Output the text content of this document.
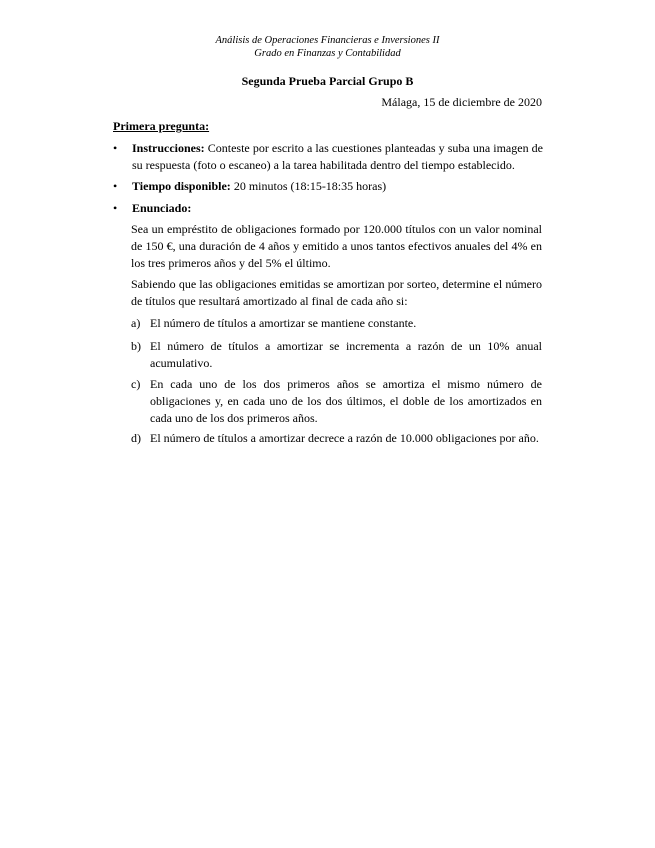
Análisis de Operaciones Financieras e Inversiones II
Grado en Finanzas y Contabilidad
Segunda Prueba Parcial Grupo B
Málaga, 15 de diciembre de 2020
Primera pregunta:
• Instrucciones: Conteste por escrito a las cuestiones planteadas y suba una imagen de su respuesta (foto o escaneo) a la tarea habilitada dentro del tiempo establecido.
• Tiempo disponible: 20 minutos (18:15-18:35 horas)
• Enunciado:
Sea un empréstito de obligaciones formado por 120.000 títulos con un valor nominal de 150 €, una duración de 4 años y emitido a unos tantos efectivos anuales del 4% en los tres primeros años y del 5% el último.
Sabiendo que las obligaciones emitidas se amortizan por sorteo, determine el número de títulos que resultará amortizado al final de cada año si:
a) El número de títulos a amortizar se mantiene constante.
b) El número de títulos a amortizar se incrementa a razón de un 10% anual acumulativo.
c) En cada uno de los dos primeros años se amortiza el mismo número de obligaciones y, en cada uno de los dos últimos, el doble de los amortizados en cada uno de los dos primeros años.
d) El número de títulos a amortizar decrece a razón de 10.000 obligaciones por año.
